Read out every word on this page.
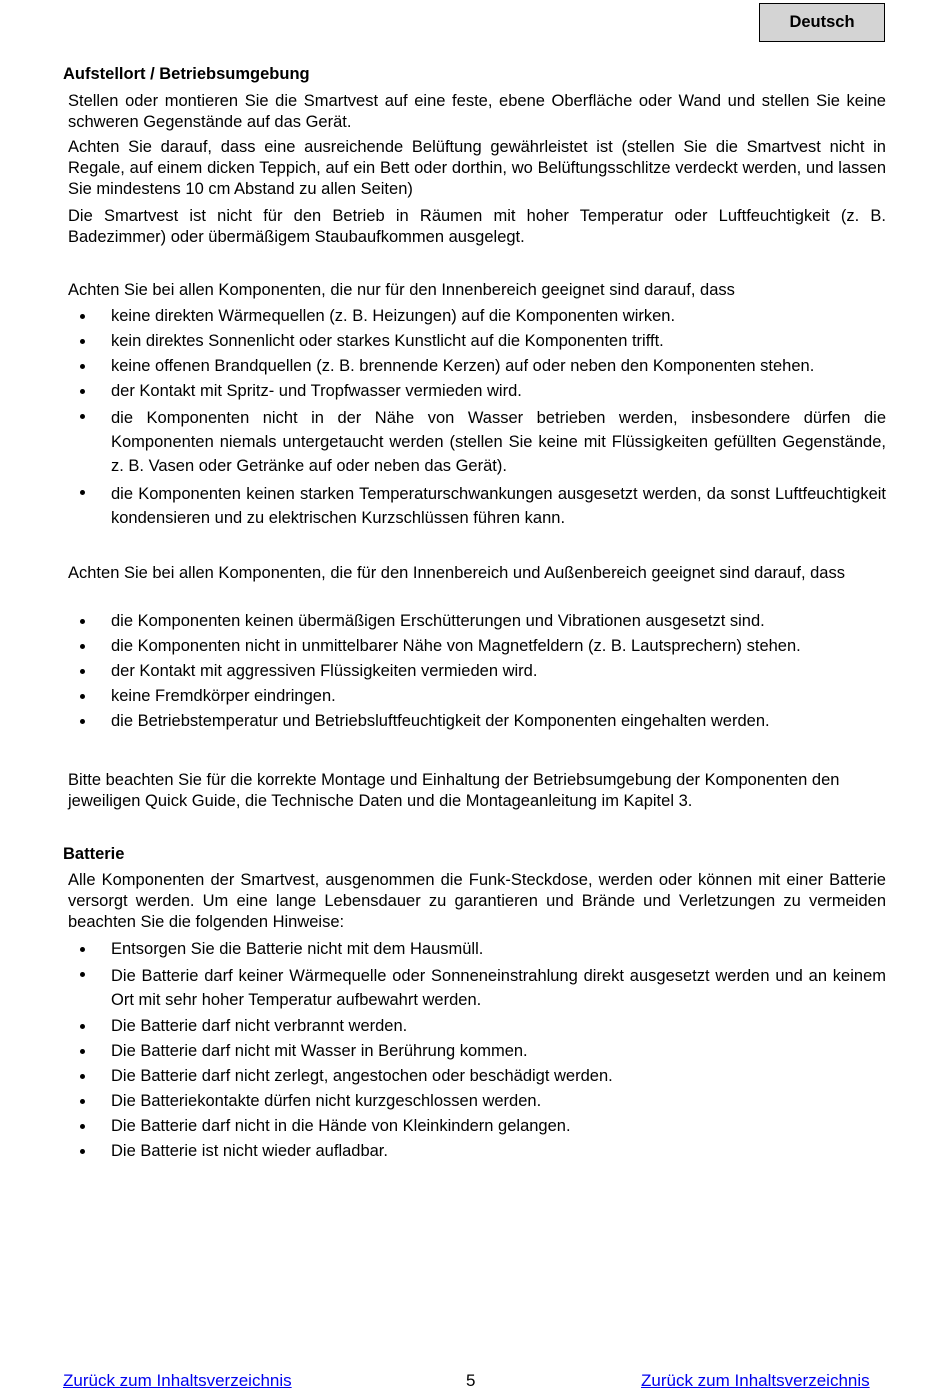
Deutsch
Aufstellort / Betriebsumgebung

Stellen oder montieren Sie die Smartvest auf eine feste, ebene Oberfläche oder Wand und stellen Sie keine schweren Gegenstände auf das Gerät.

Achten Sie darauf, dass eine ausreichende Belüftung gewährleistet ist (stellen Sie die Smartvest nicht in Regale, auf einem dicken Teppich, auf ein Bett oder dorthin, wo Belüftungsschlitze verdeckt werden, und lassen Sie mindestens 10 cm Abstand zu allen Seiten)

Die Smartvest ist nicht für den Betrieb in Räumen mit hoher Temperatur oder Luftfeuchtigkeit (z. B. Badezimmer) oder übermäßigem Staubaufkommen ausgelegt.

Achten Sie bei allen Komponenten, die nur für den Innenbereich geeignet sind darauf, dass

keine direkten Wärmequellen (z. B. Heizungen) auf die Komponenten wirken.
kein direktes Sonnenlicht oder starkes Kunstlicht auf die Komponenten trifft.
keine offenen Brandquellen (z. B. brennende Kerzen) auf oder neben den Komponenten stehen.
der Kontakt mit Spritz- und Tropfwasser vermieden wird.
die Komponenten nicht in der Nähe von Wasser betrieben werden, insbesondere dürfen die Komponenten niemals untergetaucht werden (stellen Sie keine mit Flüssigkeiten gefüllten Gegenstände, z. B. Vasen oder Getränke auf oder neben das Gerät).
die Komponenten keinen starken Temperaturschwankungen ausgesetzt werden, da sonst Luftfeuchtigkeit kondensieren und zu elektrischen Kurzschlüssen führen kann.

Achten Sie bei allen Komponenten, die für den Innenbereich und Außenbereich geeignet sind darauf, dass

die Komponenten keinen übermäßigen Erschütterungen und Vibrationen ausgesetzt sind.
die Komponenten nicht in unmittelbarer Nähe von Magnetfeldern (z. B. Lautsprechern) stehen.
der Kontakt mit aggressiven Flüssigkeiten vermieden wird.
keine Fremdkörper eindringen.
die Betriebstemperatur und Betriebsluftfeuchtigkeit der Komponenten eingehalten werden.

Bitte beachten Sie für die korrekte Montage und Einhaltung der Betriebsumgebung der Komponenten den jeweiligen Quick Guide, die Technische Daten und die Montageanleitung im Kapitel 3.

Batterie

Alle Komponenten der Smartvest, ausgenommen die Funk-Steckdose, werden oder können mit einer Batterie versorgt werden. Um eine lange Lebensdauer zu garantieren und Brände und Verletzungen zu vermeiden beachten Sie die folgenden Hinweise:

Entsorgen Sie die Batterie nicht mit dem Hausmüll.
Die Batterie darf keiner Wärmequelle oder Sonneneinstrahlung direkt ausgesetzt werden und an keinem Ort mit sehr hoher Temperatur aufbewahrt werden.
Die Batterie darf nicht verbrannt werden.
Die Batterie darf nicht mit Wasser in Berührung kommen.
Die Batterie darf nicht zerlegt, angestochen oder beschädigt werden.
Die Batteriekontakte dürfen nicht kurzgeschlossen werden.
Die Batterie darf nicht in die Hände von Kleinkindern gelangen.
Die Batterie ist nicht wieder aufladbar.
Zurück zum Inhaltsverzeichnis	5	Zurück zum Inhaltsverzeichnis
